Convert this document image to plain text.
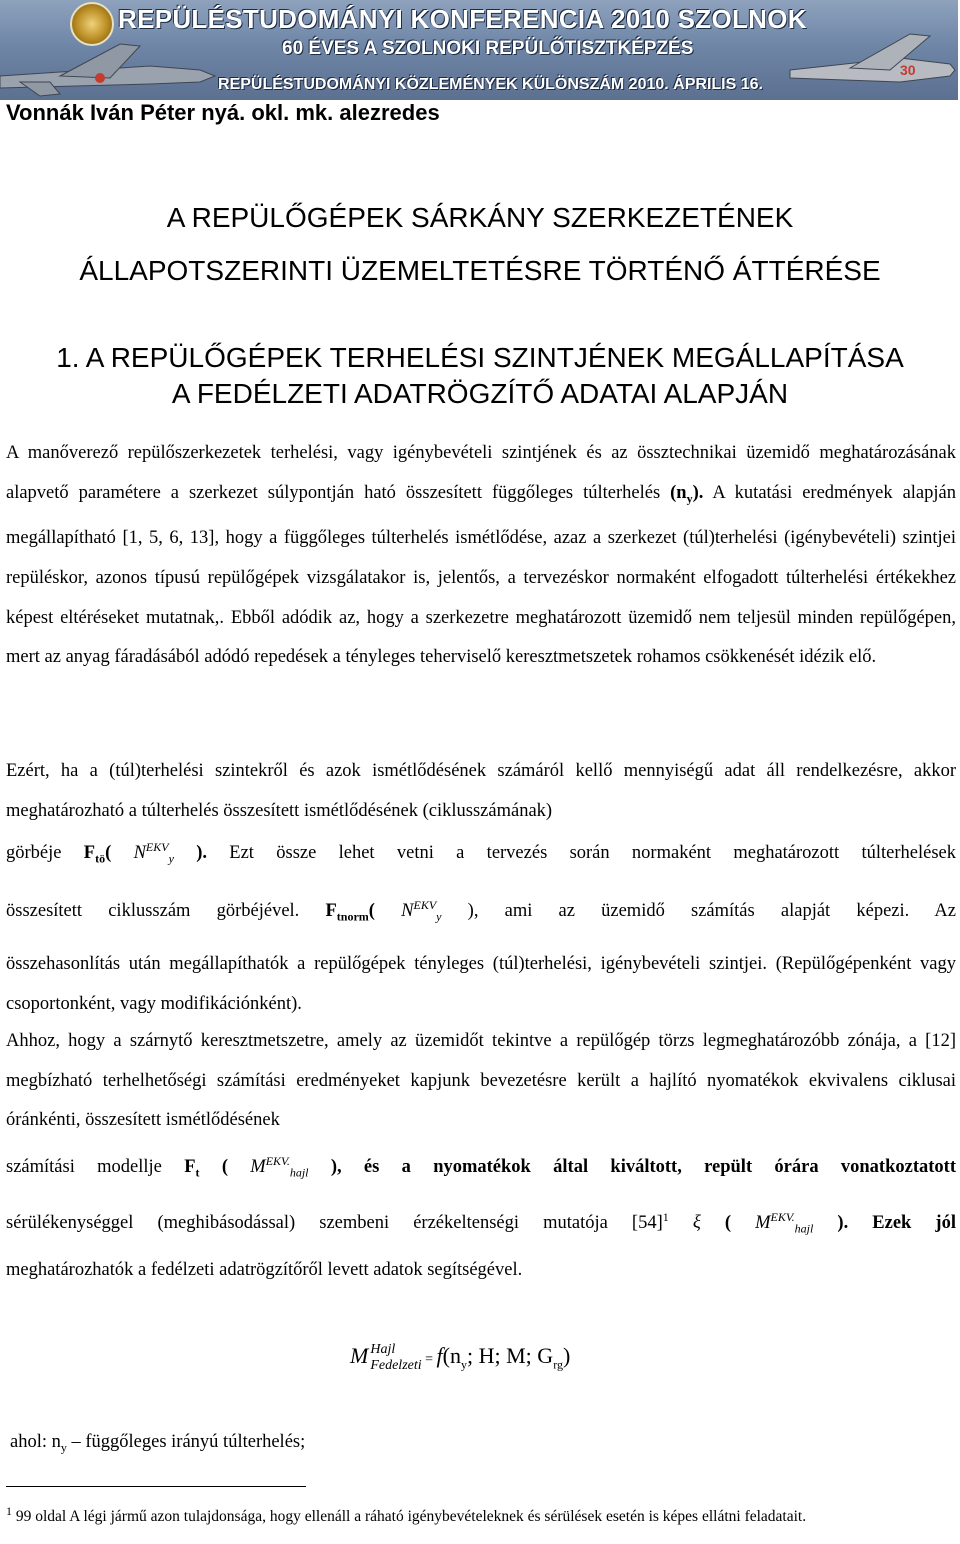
REPÜLÉSTUDOMÁNYI KONFERENCIA 2010 SZOLNOK
60 ÉVES A SZOLNOKI REPÜLŐTISZTKÉPZÉS
REPÜLÉSTUDOMÁNYI KÖZLEMÉNYEK KÜLÖNSZÁM 2010. ÁPRILIS 16.
30
Vonnák Iván Péter nyá. okl. mk. alezredes
A REPÜLŐGÉPEK SÁRKÁNY SZERKEZETÉNEK
ÁLLAPOTSZERINTI ÜZEMELTETÉSRE TÖRTÉNŐ ÁTTÉRÉSE
1. A REPÜLŐGÉPEK TERHELÉSI SZINTJÉNEK MEGÁLLAPÍTÁSA
A FEDÉLZETI ADATRÖGZÍTŐ ADATAI ALAPJÁN
A manőverező repülőszerkezetek terhelési, vagy igénybevételi szintjének és az össztechnikai üzemidő meghatározásának alapvető paramétere a szerkezet súlypontján ható összesített függőleges túlterhelés $(n_y)$. A kutatási eredmények alapján megállapítható [1, 5, 6, 13], hogy a függőleges túlterhelés ismétlődése, azaz a szerkezet (túl)terhelési (igénybevételi) szintjei repüléskor, azonos típusú repülőgépek vizsgálatakor is, jelentős, a tervezéskor normaként elfogadott túlterhelési értékekhez képest eltéréseket mutatnak,. Ebből adódik az, hogy a szerkezetre meghatározott üzemidő nem teljesül minden repülőgépen, mert az anyag fáradásából adódó repedések a tényleges teherviselő keresztmetszetek rohamos csökkenését idézik elő.
Ezért, ha a (túl)terhelési szintekről és azok ismétlődésének számáról kellő mennyiségű adat áll rendelkezésre, akkor meghatározható a túlterhelés összesített ismétlődésének (ciklusszámának)
görbéje $F_{tö}$( $N^{EKV}_y$ ). Ezt össze lehet vetni a tervezés során normaként meghatározott túlterhelések
összesített ciklusszám görbéjével. $F_{tnorm}$( $N^{EKV}_y$ ), ami az üzemidő számítás alapját képezi. Az
összehasonlítás után megállapíthatók a repülőgépek tényleges (túl)terhelési, igénybevételi szintjei. (Repülőgépenként vagy csoportonként, vagy modifikációnként).
Ahhoz, hogy a szárnytő keresztmetszetre, amely az üzemidőt tekintve a repülőgép törzs legmeghatározóbb zónája, a [12] megbízható terhelhetőségi számítási eredményeket kapjunk bevezetésre került a hajlító nyomatékok ekvivalens ciklusai óránkénti, összesített ismétlődésének
számítási modellje $F_t$ ( $M^{EKV.}_{hajl}$ ), és a nyomatékok által kiváltott, repült órára vonatkoztatott
sérülékenységgel (meghibásodással) szembeni érzékeltenségi mutatója $[54]^1$ ξ ( $M^{EKV.}_{hajl}$ ). Ezek jól
meghatározhatók a fedélzeti adatrögzítőről levett adatok segítségével.
M Hajl
Fedelzeti = $f(n_y$; H; M; $G_{rg}$)
ahol: $n_y$ – függőleges irányú túlterhelés;
$^1$ 99 oldal A légi jármű azon tulajdonsága, hogy ellenáll a ráható igénybevételeknek és sérülések esetén is képes ellátni feladatait.
